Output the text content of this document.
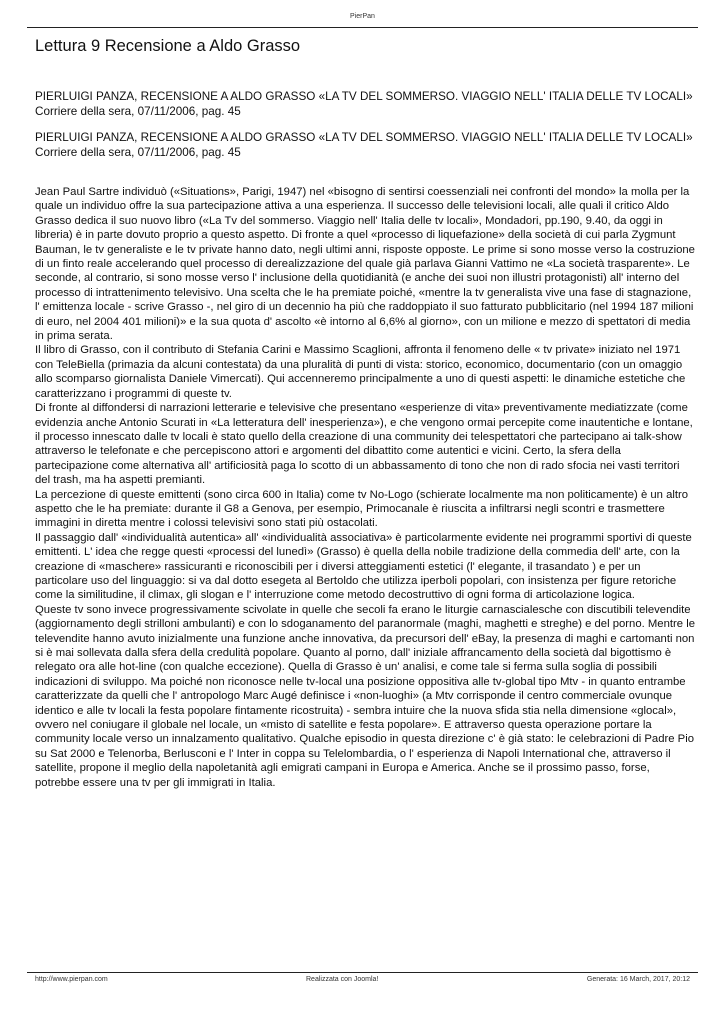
PierPan
Lettura 9 Recensione a Aldo Grasso

PIERLUIGI PANZA, RECENSIONE A ALDO GRASSO «LA TV DEL SOMMERSO. VIAGGIO NELL' ITALIA DELLE TV LOCALI» Corriere della sera, 07/11/2006, pag. 45

PIERLUIGI PANZA, RECENSIONE A ALDO GRASSO «LA TV DEL SOMMERSO. VIAGGIO NELL' ITALIA DELLE TV LOCALI» Corriere della sera, 07/11/2006, pag. 45

Jean Paul Sartre individuò («Situations», Parigi, 1947) nel «bisogno di sentirsi coessenziali nei confronti del mondo» la molla per la quale un individuo offre la sua partecipazione attiva a una esperienza. Il successo delle televisioni locali, alle quali il critico Aldo Grasso dedica il suo nuovo libro («La Tv del sommerso. Viaggio nell' Italia delle tv locali», Mondadori, pp.190, 9.40, da oggi in libreria) è in parte dovuto proprio a questo aspetto. Di fronte a quel «processo di liquefazione» della società di cui parla Zygmunt Bauman, le tv generaliste e le tv private hanno dato, negli ultimi anni, risposte opposte. Le prime si sono mosse verso la costruzione di un finto reale accelerando quel processo di derealizzazione del quale già parlava Gianni Vattimo ne «La società trasparente». Le seconde, al contrario, si sono mosse verso l' inclusione della quotidianità (e anche dei suoi non illustri protagonisti) all' interno del processo di intrattenimento televisivo. Una scelta che le ha premiate poiché, «mentre la tv generalista vive una fase di stagnazione, l' emittenza locale - scrive Grasso -, nel giro di un decennio ha più che raddoppiato il suo fatturato pubblicitario (nel 1994 187 milioni di euro, nel 2004 401 milioni)» e la sua quota d' ascolto «è intorno al 6,6% al giorno», con un milione e mezzo di spettatori di media in prima serata.

Il libro di Grasso, con il contributo di Stefania Carini e Massimo Scaglioni, affronta il fenomeno delle « tv private» iniziato nel 1971 con TeleBiella (primazia da alcuni contestata) da una pluralità di punti di vista: storico, economico, documentario (con un omaggio allo scomparso giornalista Daniele Vimercati). Qui accenneremo principalmente a uno di questi aspetti: le dinamiche estetiche che caratterizzano i programmi di queste tv.

Di fronte al diffondersi di narrazioni letterarie e televisive che presentano «esperienze di vita» preventivamente mediatizzate (come evidenzia anche Antonio Scurati in «La letteratura dell' inesperienza»), e che vengono ormai percepite come inautentiche e lontane, il processo innescato dalle tv locali è stato quello della creazione di una community dei telespettatori che partecipano ai talk-show attraverso le telefonate e che percepiscono attori e argomenti del dibattito come autentici e vicini. Certo, la sfera della partecipazione come alternativa all' artificiosità paga lo scotto di un abbassamento di tono che non di rado sfocia nei vasti territori del trash, ma ha aspetti premianti.

La percezione di queste emittenti (sono circa 600 in Italia) come tv No-Logo (schierate localmente ma non politicamente) è un altro aspetto che le ha premiate: durante il G8 a Genova, per esempio, Primocanale è riuscita a infiltrarsi negli scontri e trasmettere immagini in diretta mentre i colossi televisivi sono stati più ostacolati.

Il passaggio dall' «individualità autentica» all' «individualità associativa» è particolarmente evidente nei programmi sportivi di queste emittenti. L' idea che regge questi «processi del lunedì» (Grasso) è quella della nobile tradizione della commedia dell' arte, con la creazione di «maschere» rassicuranti e riconoscibili per i diversi atteggiamenti estetici (l' elegante, il trasandato ) e per un particolare uso del linguaggio: si va dal dotto esegeta al Bertoldo che utilizza iperboli popolari, con insistenza per figure retoriche come la similitudine, il climax, gli slogan e l' interruzione come metodo decostruttivo di ogni forma di articolazione logica.

Queste tv sono invece progressivamente scivolate in quelle che secoli fa erano le liturgie carnascialesche con discutibili televendite (aggiornamento degli strilloni ambulanti) e con lo sdoganamento del paranormale (maghi, maghetti e streghe) e del porno. Mentre le televendite hanno avuto inizialmente una funzione anche innovativa, da precursori dell' eBay, la presenza di maghi e cartomanti non si è mai sollevata dalla sfera della credulità popolare. Quanto al porno, dall' iniziale affrancamento della società dal bigottismo è relegato ora alle hot-line (con qualche eccezione). Quella di Grasso è un' analisi, e come tale si ferma sulla soglia di possibili indicazioni di sviluppo. Ma poiché non riconosce nelle tv-local una posizione oppositiva alle tv-global tipo Mtv - in quanto entrambe caratterizzate da quelli che l' antropologo Marc Augé definisce i «non-luoghi» (a Mtv corrisponde il centro commerciale ovunque identico e alle tv locali la festa popolare fintamente ricostruita) - sembra intuire che la nuova sfida stia nella dimensione «glocal», ovvero nel coniugare il globale nel locale, un «misto di satellite e festa popolare». E attraverso questa operazione portare la community locale verso un innalzamento qualitativo. Qualche episodio in questa direzione c' è già stato: le celebrazioni di Padre Pio su Sat 2000 e Telenorba, Berlusconi e l' Inter in coppa su Telelombardia, o l' esperienza di Napoli International che, attraverso il satellite, propone il meglio della napoletanità agli emigrati campani in Europa e America. Anche se il prossimo passo, forse, potrebbe essere una tv per gli immigrati in Italia.

http://www.pierpan.com	Realizzata con Joomla!	Generata: 16 March, 2017, 20:12
